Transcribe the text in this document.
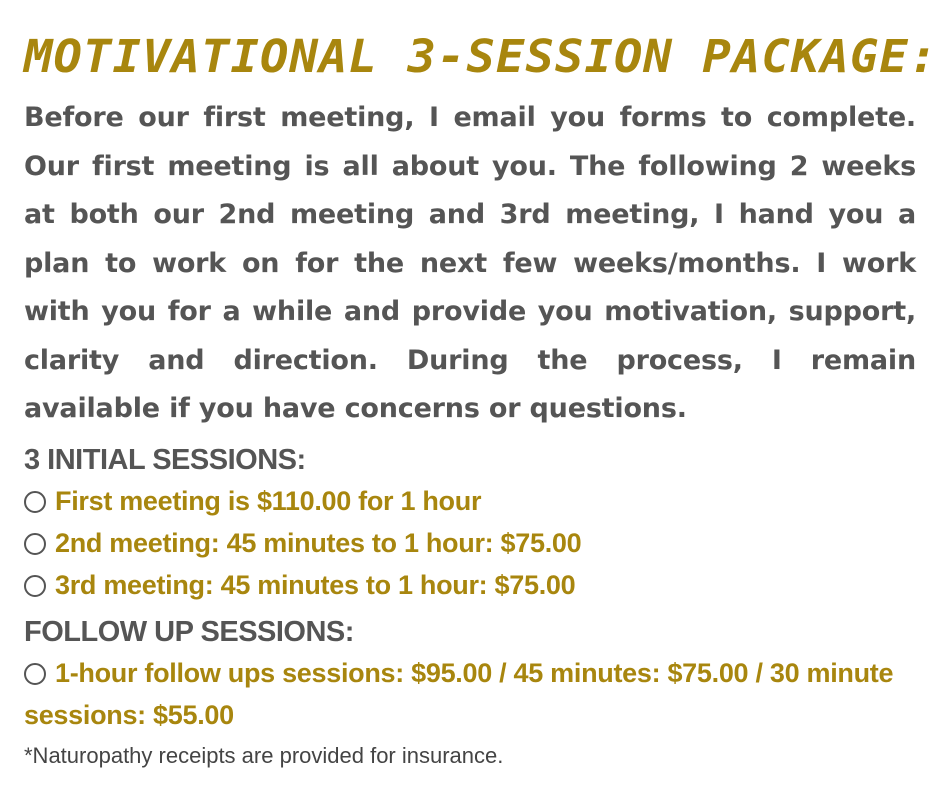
MOTIVATIONAL 3-SESSION PACKAGE:

Before our first meeting, I email you forms to complete. Our first meeting is all about you. The following 2 weeks at both our 2nd meeting and 3rd meeting, I hand you a plan to work on for the next few weeks/months. I work with you for a while and provide you motivation, support, clarity and direction. During the process, I remain available if you have concerns or questions.

3 INITIAL SESSIONS:
First meeting is $110.00 for 1 hour
2nd meeting: 45 minutes to 1 hour: $75.00
3rd meeting: 45 minutes to 1 hour: $75.00
FOLLOW UP SESSIONS:
1-hour follow ups sessions: $95.00 / 45 minutes: $75.00 / 30 minute sessions: $55.00
*Naturopathy receipts are provided for insurance.
